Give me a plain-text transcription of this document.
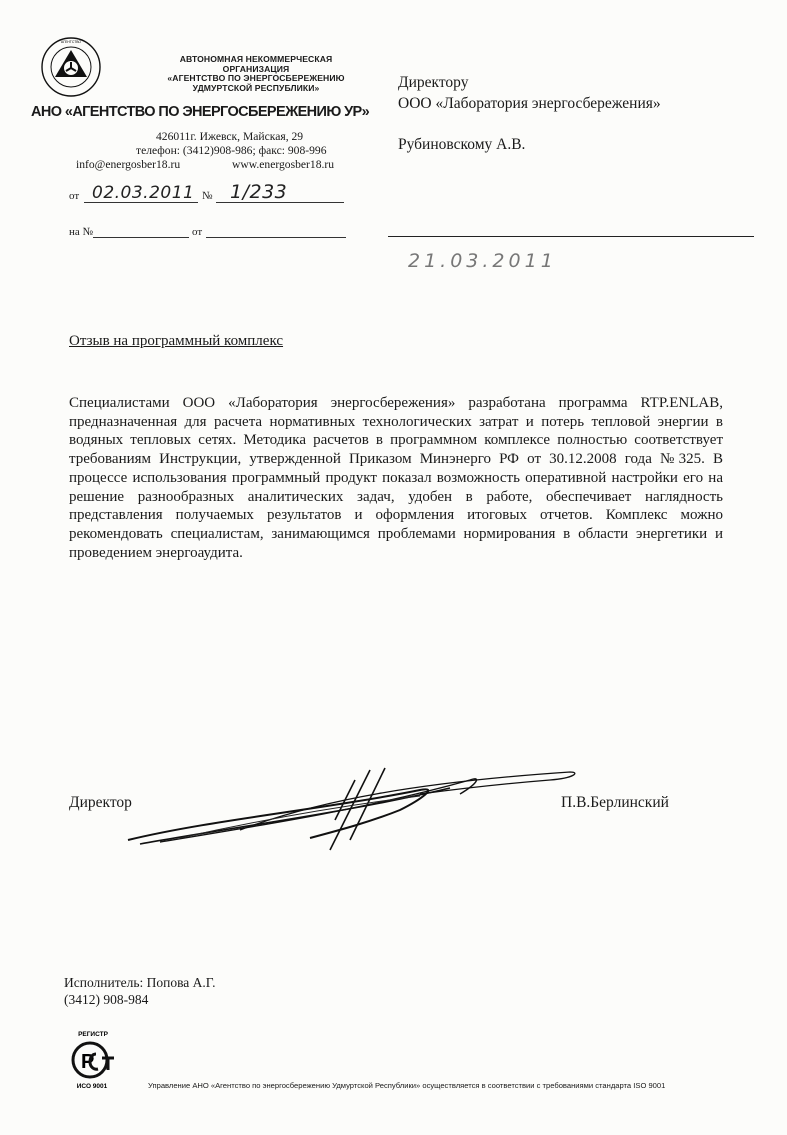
АГЕНТСТВО
АВТОНОМНАЯ НЕКОММЕРЧЕСКАЯ ОРГАНИЗАЦИЯ
«АГЕНТСТВО ПО ЭНЕРГОСБЕРЕЖЕНИЮ
УДМУРТСКОЙ РЕСПУБЛИКИ»
АНО «АГЕНТСТВО ПО ЭНЕРГОСБЕРЕЖЕНИЮ УР»
426011г. Ижевск, Майская, 29
телефон: (3412)908-986; факс: 908-996
info@energosber18.ru	www.energosber18.ru
от 02.03.2011 № 1/233
на №	от
Директору
ООО «Лаборатория энергосбережения»
Рубиновскому А.В.
21.03.2011
Отзыв на программный комплекс
Специалистами ООО «Лаборатория энергосбережения» разработана программа RTP.ENLAB, предназначенная для расчета нормативных технологических затрат и потерь тепловой энергии в водяных тепловых сетях. Методика расчетов в программном комплексе полностью соответствует требованиям Инструкции, утвержденной Приказом Минэнерго РФ от 30.12.2008 года №325. В процессе использования программный продукт показал возможность оперативной настройки его на решение разнообразных аналитических задач, удобен в работе, обеспечивает наглядность представления получаемых результатов и оформления итоговых отчетов. Комплекс можно рекомендовать специалистам, занимающимся проблемами нормирования в области энергетики и проведением энергоаудита.
Директор	П.В.Берлинский
Исполнитель: Попова А.Г.
(3412) 908-984
РЕГИСТР
Р
ИСО 9001	Управление АНО «Агентство по энергосбережению Удмуртской Республики» осуществляется в соответствии с требованиями стандарта ISO 9001
